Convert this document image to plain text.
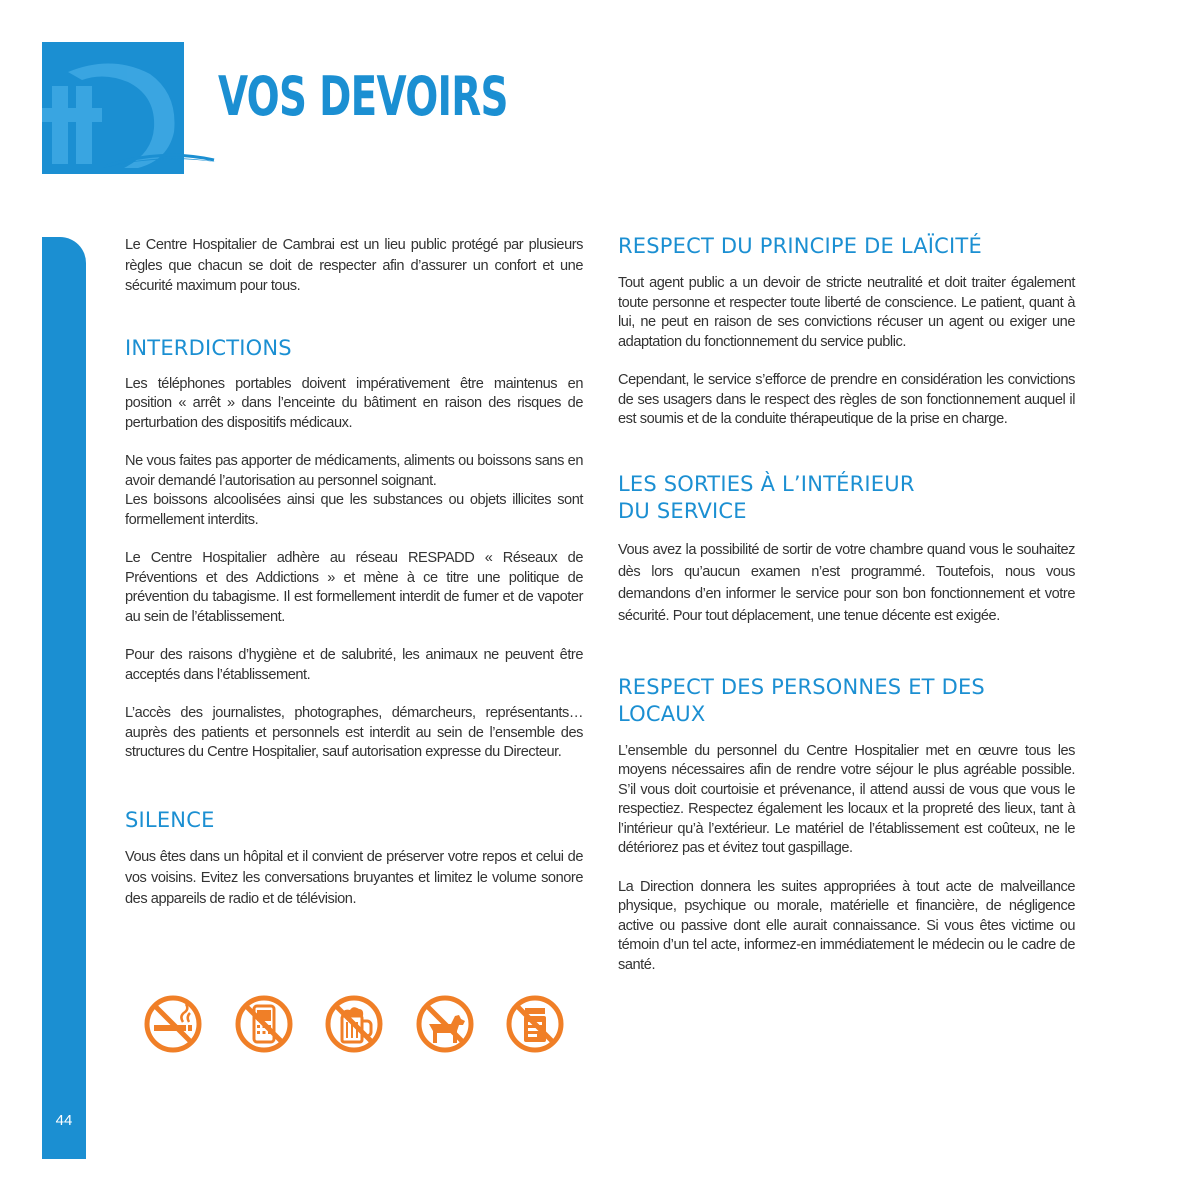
VOS DEVOIRS
44

Le Centre Hospitalier de Cambrai est un lieu public protégé par plusieurs règles que chacun se doit de respecter afin d’assurer un confort et une sécurité maximum pour tous.

INTERDICTIONS

Les téléphones portables doivent impérativement être maintenus en position « arrêt » dans l’enceinte du bâtiment en raison des risques de perturbation des dispositifs médicaux.

Ne vous faites pas apporter de médicaments, aliments ou boissons sans en avoir demandé l’autorisation au personnel soignant.

Les boissons alcoolisées ainsi que les substances ou objets illicites sont formellement interdits.

Le Centre Hospitalier adhère au réseau RESPADD « Réseaux de Préventions et des Addictions » et mène à ce titre une politique de prévention du tabagisme. Il est formellement interdit de fumer et de vapoter au sein de l’établissement.

Pour des raisons d’hygiène et de salubrité, les animaux ne peuvent être acceptés dans l’établissement.

L’accès des journalistes, photographes, démarcheurs, représentants…auprès des patients et personnels est interdit au sein de l’ensemble des structures du Centre Hospitalier, sauf autorisation expresse du Directeur.

SILENCE

Vous êtes dans un hôpital et il convient de préserver votre repos et celui de vos voisins. Evitez les conversations bruyantes et limitez le volume sonore des appareils de radio et de télévision.

RESPECT DU PRINCIPE DE LAÏCITÉ

Tout agent public a un devoir de stricte neutralité et doit traiter également toute personne et respecter toute liberté de conscience. Le patient, quant à lui, ne peut en raison de ses convictions récuser un agent ou exiger une adaptation du fonctionnement du service public.

Cependant, le service s’efforce de prendre en considération les convictions de ses usagers dans le respect des règles de son fonctionnement auquel il est soumis et de la conduite thérapeutique de la prise en charge.

LES SORTIES À L’INTÉRIEUR
DU SERVICE

Vous avez la possibilité de sortir de votre chambre quand vous le souhaitez dès lors qu’aucun examen n’est programmé. Toutefois, nous vous demandons d’en informer le service pour son bon fonctionnement et votre sécurité. Pour tout déplacement, une tenue décente est exigée.

RESPECT DES PERSONNES ET DES
LOCAUX

L’ensemble du personnel du Centre Hospitalier met en œuvre tous les moyens nécessaires afin de rendre votre séjour le plus agréable possible. S’il vous doit courtoisie et prévenance, il attend aussi de vous que vous le respectiez. Respectez également les locaux et la propreté des lieux, tant à l’intérieur qu’à l’extérieur. Le matériel de l’établissement est coûteux, ne le détériorez pas et évitez tout gaspillage.

La Direction donnera les suites appropriées à tout acte de malveillance physique, psychique ou morale, matérielle et financière, de négligence active ou passive dont elle aurait connaissance. Si vous êtes victime ou témoin d’un tel acte, informez-en immédiatement le médecin ou le cadre de santé.
